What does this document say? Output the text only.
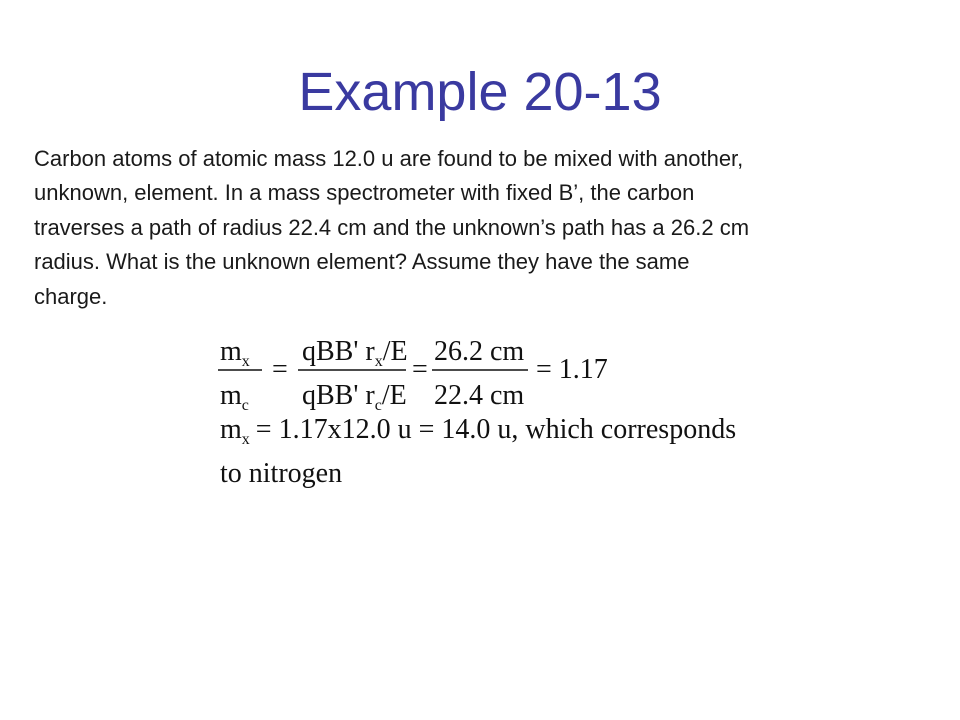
Example 20-13
Carbon atoms of atomic mass 12.0 u are found to be mixed with another,
unknown, element. In a mass spectrometer with fixed B’, the carbon
traverses a path of radius 22.4 cm and the unknown’s path has a 26.2 cm
radius. What is the unknown element? Assume they have the same
charge.
$m_x$
$m_c$
=
qBB' $r_x/E$
qBB' $r_c/E$
=
26.2 cm
22.4 cm
= 1.17
$m_x = 1.17x12.0$ u = 14.0 u, which corresponds
to nitrogen
